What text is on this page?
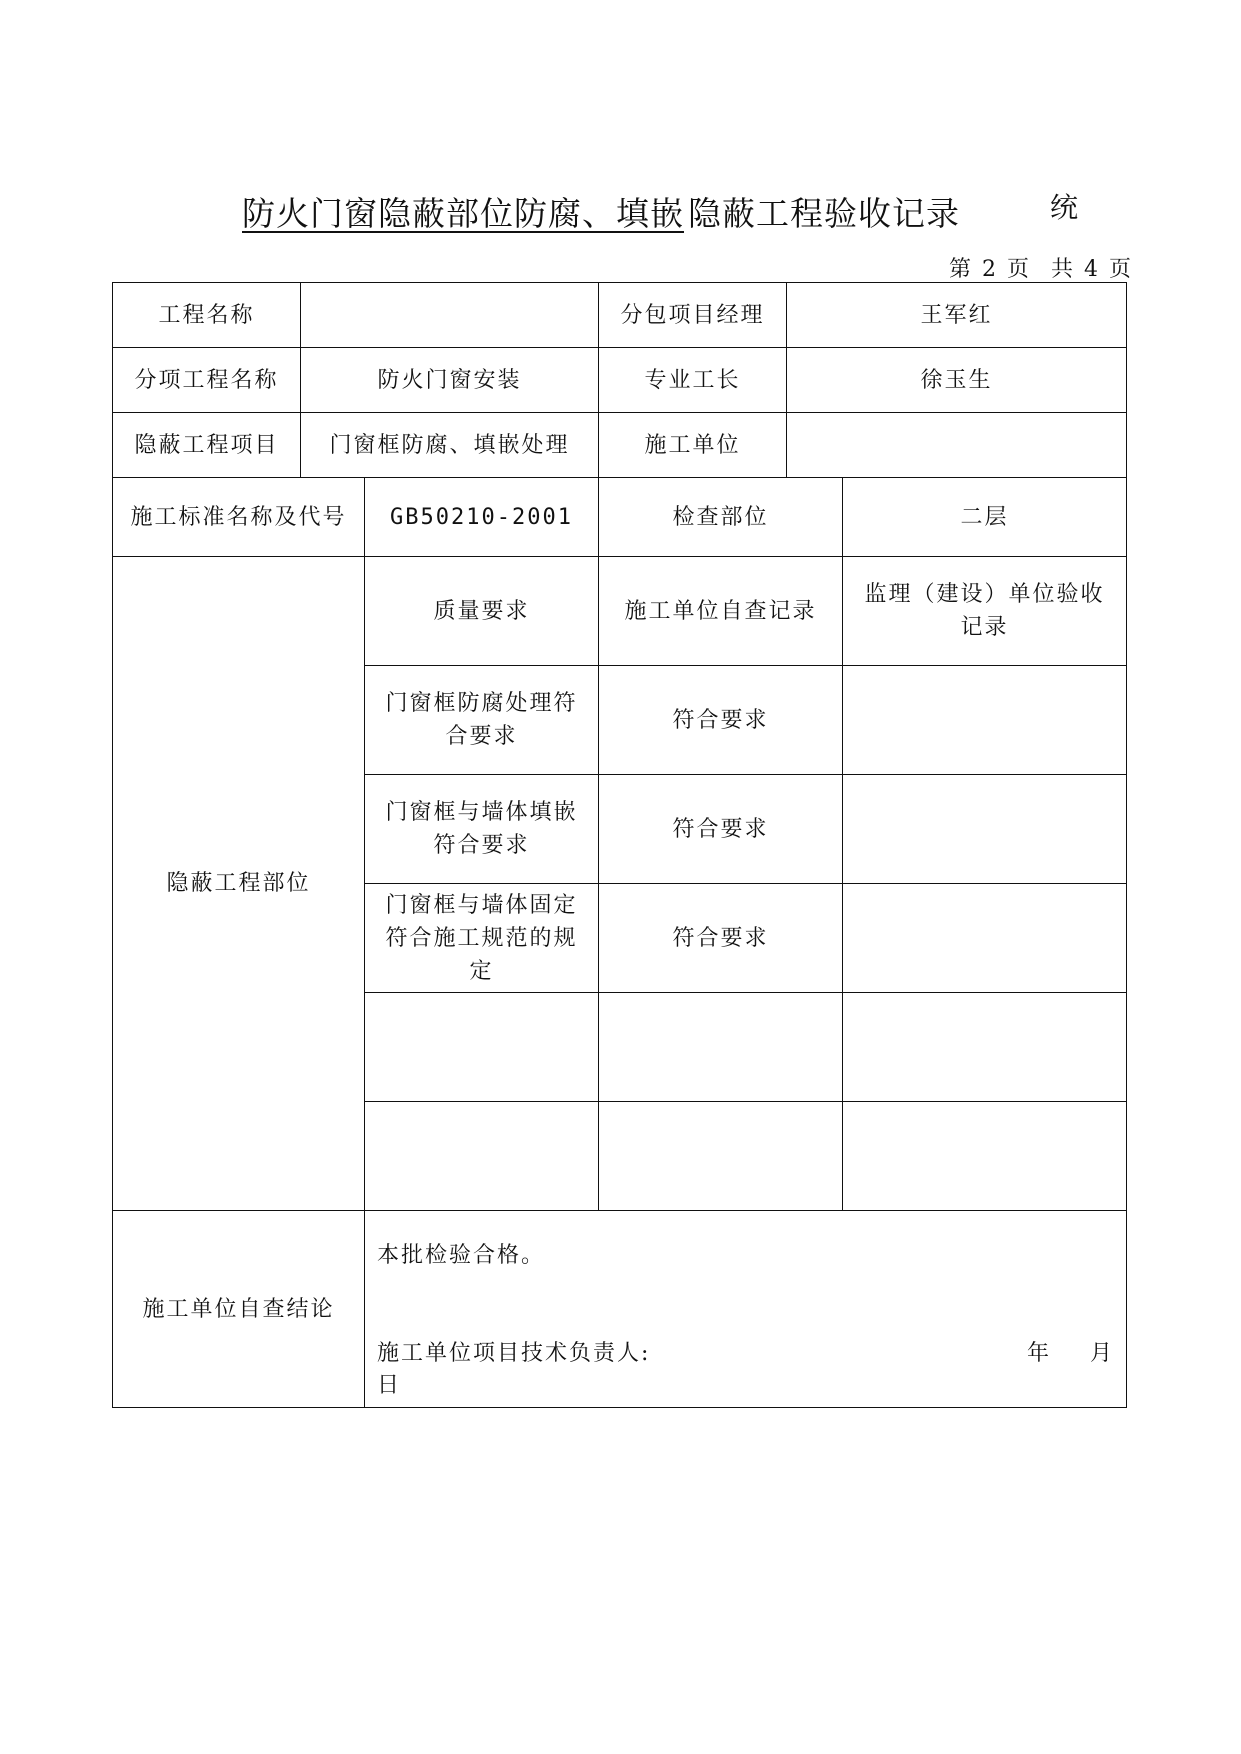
防火门窗隐蔽部位防腐、填嵌 隐蔽工程验收记录	统
第 2 页 共 4 页
工程名称			分包项目经理	王军红	
分项工程名称	防火门窗安装		专业工长	徐玉生	
隐蔽工程项目	门窗框防腐、填嵌处理		施工单位		
施工标准名称及代号		GB50210-2001	检查部位		二层
隐蔽工程部位		质量要求	施工单位自查记录		监理（建设）单位验收记录
		门窗框防腐处理符合要求	符合要求		
		门窗框与墙体填嵌符合要求	符合要求		
		门窗框与墙体固定符合施工规范的规定	符合要求		

施工单位自查结论		本批检验合格。
施工单位项目技术负责人: 年 月
日			
